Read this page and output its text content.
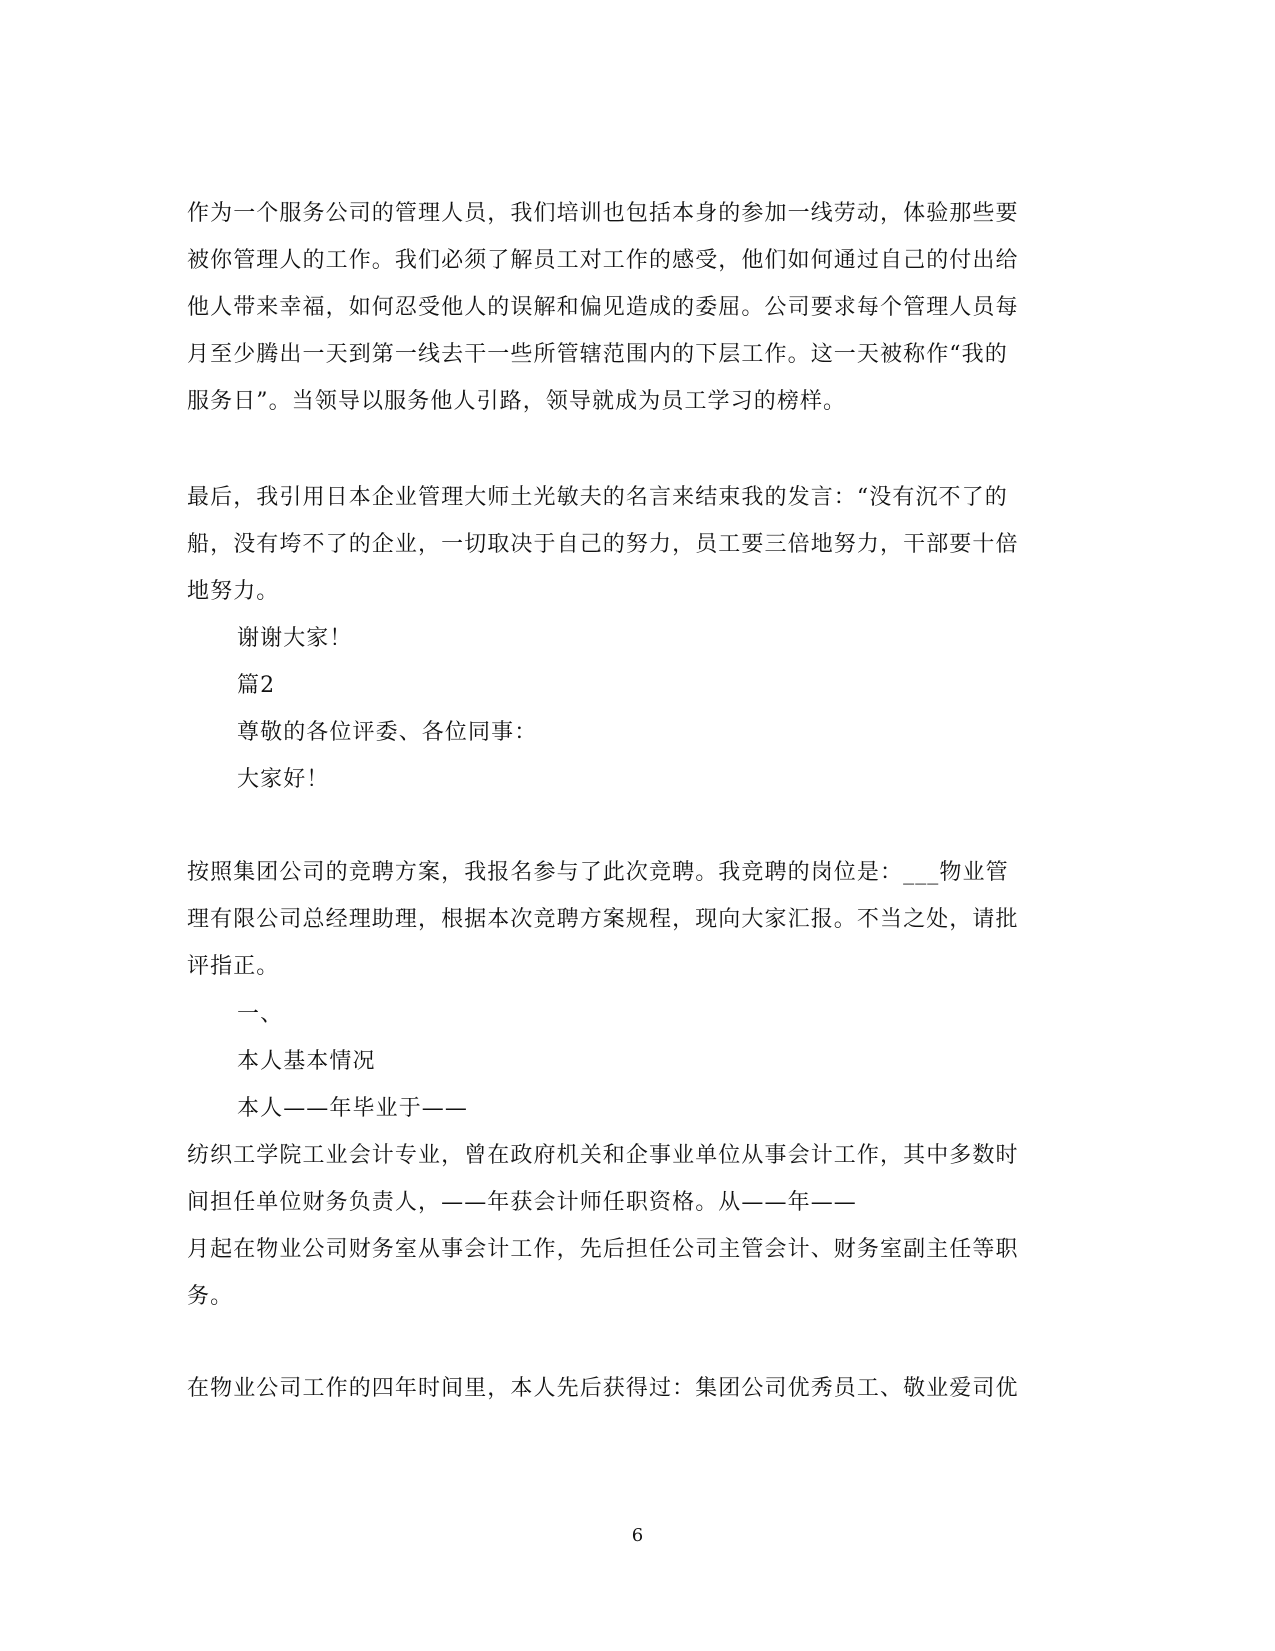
作为一个服务公司的管理人员，我们培训也包括本身的参加一线劳动，体验那些要
被你管理人的工作。我们必须了解员工对工作的感受，他们如何通过自己的付出给
他人带来幸福，如何忍受他人的误解和偏见造成的委屈。公司要求每个管理人员每
月至少腾出一天到第一线去干一些所管辖范围内的下层工作。这一天被称作“我的
服务日”。当领导以服务他人引路，领导就成为员工学习的榜样。
最后，我引用日本企业管理大师土光敏夫的名言来结束我的发言：“没有沉不了的
船，没有垮不了的企业，一切取决于自己的努力，员工要三倍地努力，干部要十倍
地努力。
谢谢大家！
篇2
尊敬的各位评委、各位同事：
大家好！
按照集团公司的竞聘方案，我报名参与了此次竞聘。我竞聘的岗位是：___物业管
理有限公司总经理助理，根据本次竞聘方案规程，现向大家汇报。不当之处，请批
评指正。
一、
本人基本情况
本人——年毕业于——
纺织工学院工业会计专业，曾在政府机关和企事业单位从事会计工作，其中多数时
间担任单位财务负责人，——年获会计师任职资格。从——年——
月起在物业公司财务室从事会计工作，先后担任公司主管会计、财务室副主任等职
务。
在物业公司工作的四年时间里，本人先后获得过：集团公司优秀员工、敬业爱司优
6
